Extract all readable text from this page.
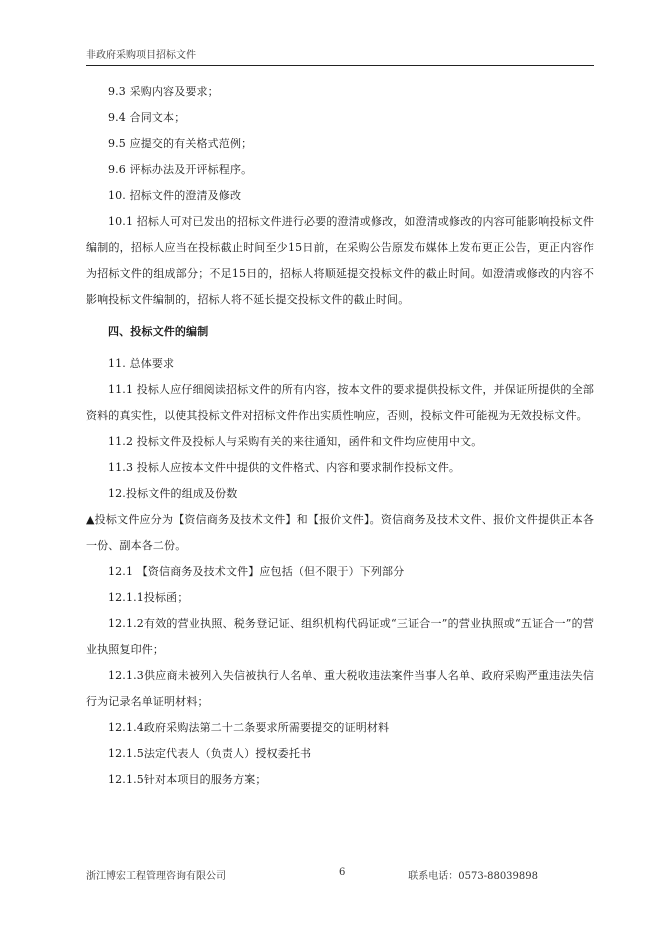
非政府采购项目招标文件

9.3 采购内容及要求；

9.4 合同文本；

9.5 应提交的有关格式范例；

9.6 评标办法及开评标程序。

10. 招标文件的澄清及修改

10.1 招标人可对已发出的招标文件进行必要的澄清或修改，如澄清或修改的内容可能影响投标文件编制的，招标人应当在投标截止时间至少15日前，在采购公告原发布媒体上发布更正公告，更正内容作为招标文件的组成部分；不足15日的，招标人将顺延提交投标文件的截止时间。如澄清或修改的内容不影响投标文件编制的，招标人将不延长提交投标文件的截止时间。

四、投标文件的编制

11. 总体要求

11.1 投标人应仔细阅读招标文件的所有内容，按本文件的要求提供投标文件，并保证所提供的全部资料的真实性，以使其投标文件对招标文件作出实质性响应，否则，投标文件可能视为无效投标文件。

11.2 投标文件及投标人与采购有关的来往通知，函件和文件均应使用中文。

11.3 投标人应按本文件中提供的文件格式、内容和要求制作投标文件。

12.投标文件的组成及份数

▲投标文件应分为【资信商务及技术文件】和【报价文件】。资信商务及技术文件、报价文件提供正本各一份、副本各二份。

12.1 【资信商务及技术文件】应包括（但不限于）下列部分

12.1.1投标函；

12.1.2有效的营业执照、税务登记证、组织机构代码证或“三证合一”的营业执照或“五证合一”的营业执照复印件；

12.1.3供应商未被列入失信被执行人名单、重大税收违法案件当事人名单、政府采购严重违法失信行为记录名单证明材料；

12.1.4政府采购法第二十二条要求所需要提交的证明材料

12.1.5法定代表人（负责人）授权委托书

12.1.5针对本项目的服务方案；

浙江博宏工程管理咨询有限公司	6	联系电话：0573-88039898
